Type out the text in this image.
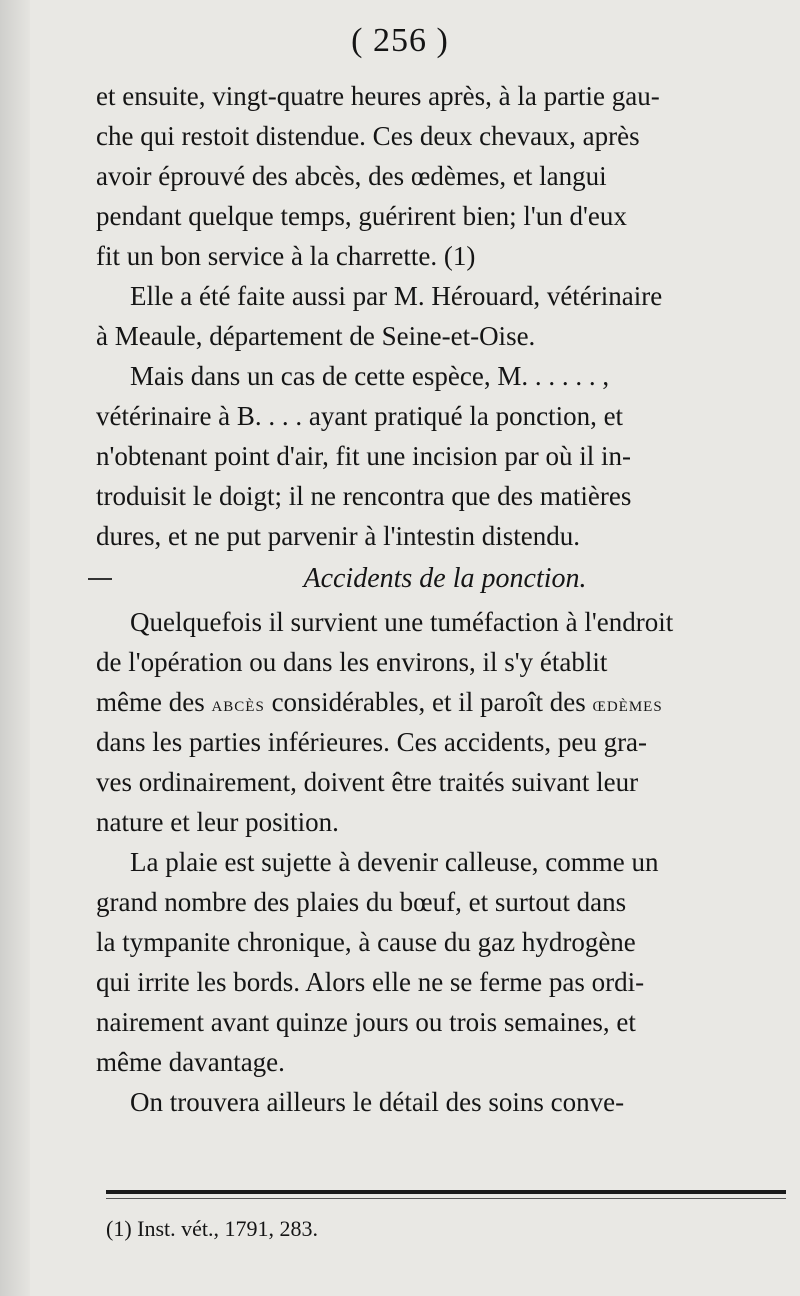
( 256 )
et ensuite, vingt-quatre heures après, à la partie gau-
che qui restoit distendue. Ces deux chevaux, après
avoir éprouvé des abcès, des œdèmes, et langui
pendant quelque temps, guérirent bien; l'un d'eux
fit un bon service à la charrette. (1)
Elle a été faite aussi par M. Hérouard, vétérinaire
à Meaule, département de Seine-et-Oise.
Mais dans un cas de cette espèce, M. . . . . . ,
vétérinaire à B. . . . ayant pratiqué la ponction, et
n'obtenant point d'air, fit une incision par où il in-
troduisit le doigt; il ne rencontra que des matières
dures, et ne put parvenir à l'intestin distendu.
Accidents de la ponction.
Quelquefois il survient une tuméfaction à l'endroit
de l'opération ou dans les environs, il s'y établit
même des abcès considérables, et il paroît des œdèmes
dans les parties inférieures. Ces accidents, peu gra-
ves ordinairement, doivent être traités suivant leur
nature et leur position.
La plaie est sujette à devenir calleuse, comme un
grand nombre des plaies du bœuf, et surtout dans
la tympanite chronique, à cause du gaz hydrogène
qui irrite les bords. Alors elle ne se ferme pas ordi-
nairement avant quinze jours ou trois semaines, et
même davantage.
On trouvera ailleurs le détail des soins conve-
(1) Inst. vét., 1791, 283.
